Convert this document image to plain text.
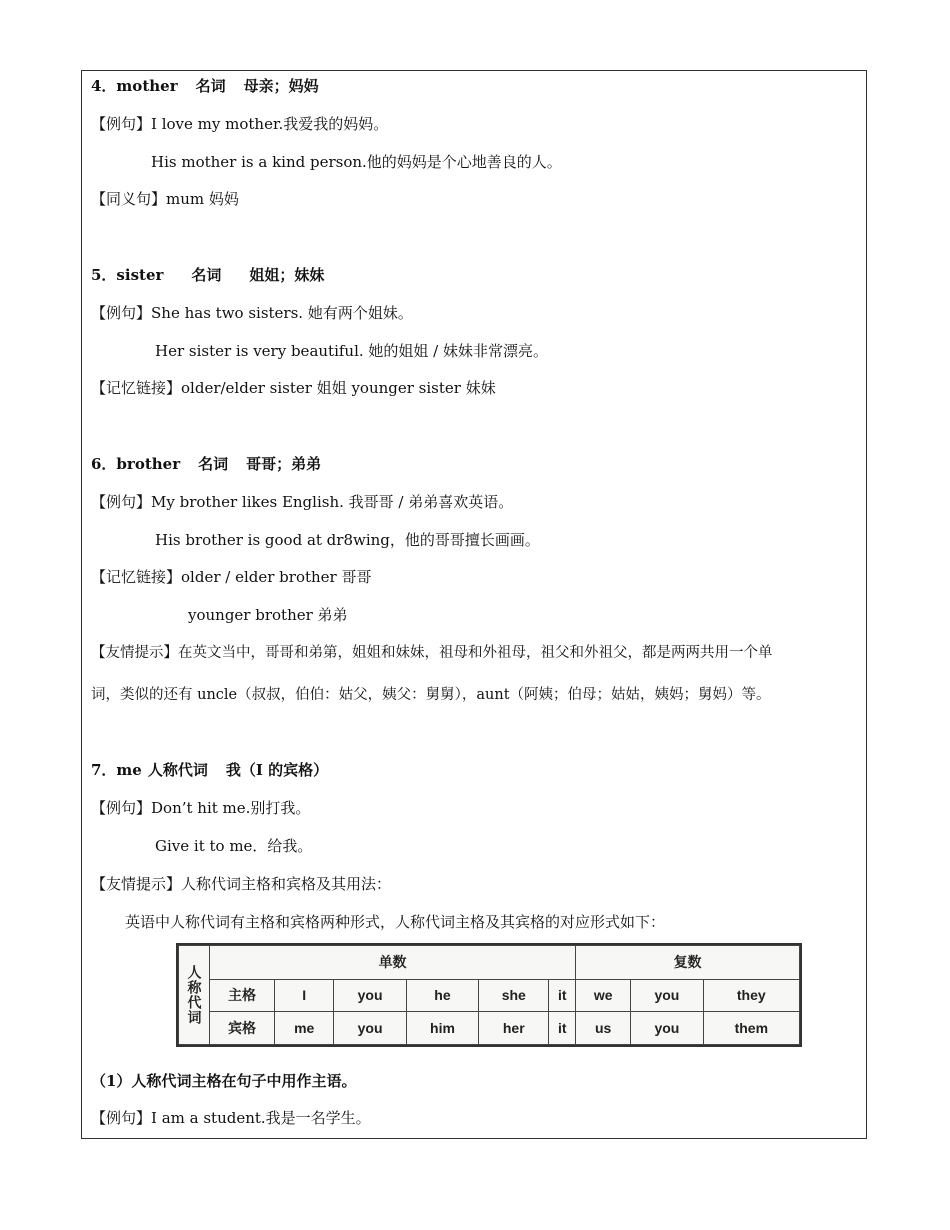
4．mother 名词 母亲；妈妈
【例句】I love my mother.我爱我的妈妈。
His mother is a kind person.他的妈妈是个心地善良的人。
【同义句】mum 妈妈
5．sister 名词 姐姐；妹妹
【例句】She has two sisters. 她有两个姐妹。
Her sister is very beautiful. 她的姐姐 / 妹妹非常漂亮。
【记忆链接】older/elder sister 姐姐 younger sister 妹妹
6．brother 名词 哥哥；弟弟
【例句】My brother likes English. 我哥哥 / 弟弟喜欢英语。
His brother is good at dr8wing，他的哥哥擅长画画。
【记忆链接】older / elder brother 哥哥
younger brother 弟弟
【友情提示】在英文当中，哥哥和弟第，姐姐和妹妹，祖母和外祖母，祖父和外祖父，都是两两共用一个单
词，类似的还有 uncle（叔叔，伯伯：姑父，姨父：舅舅），aunt（阿姨；伯母；姑姑，姨妈；舅妈）等。
7．me 人称代词 我（I 的宾格）
【例句】Don’t hit me.别打我。
Give it to me．给我。
【友情提示】人称代词主格和宾格及其用法：
英语中人称代词有主格和宾格两种形式，人称代词主格及其宾格的对应形式如下：
人称代词	单数						复数		
	主格	I	you	he	she	it	we	you	they
	宾格	me	you	him	her	it	us	you	them
（1）人称代词主格在句子中用作主语。
【例句】I am a student.我是一名学生。
